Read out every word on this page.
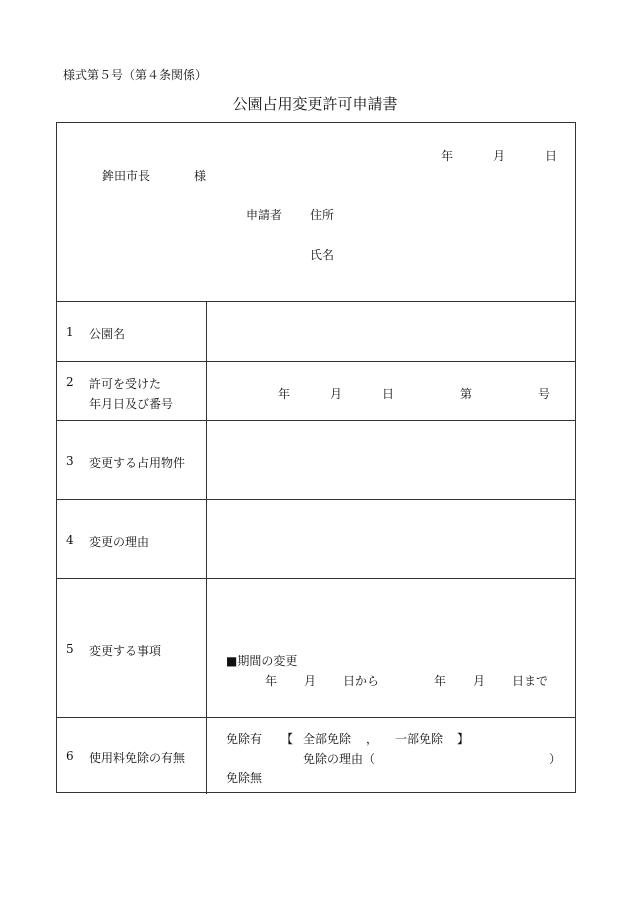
様式第５号（第４条関係）
公園占用変更許可申請書
年	月	日
鉾田市長	様
申請者 住所
氏名
1 公園名
2 許可を受けた
年月日及び番号
年	月	日	第	号
3 変更する占用物件
4 変更の理由
5 変更する事項
■期間の変更
年 月 日から	年 月 日まで
6 使用料免除の有無
免除有 【 全部免除 ， 一部免除 】
免除の理由（	）
免除無
